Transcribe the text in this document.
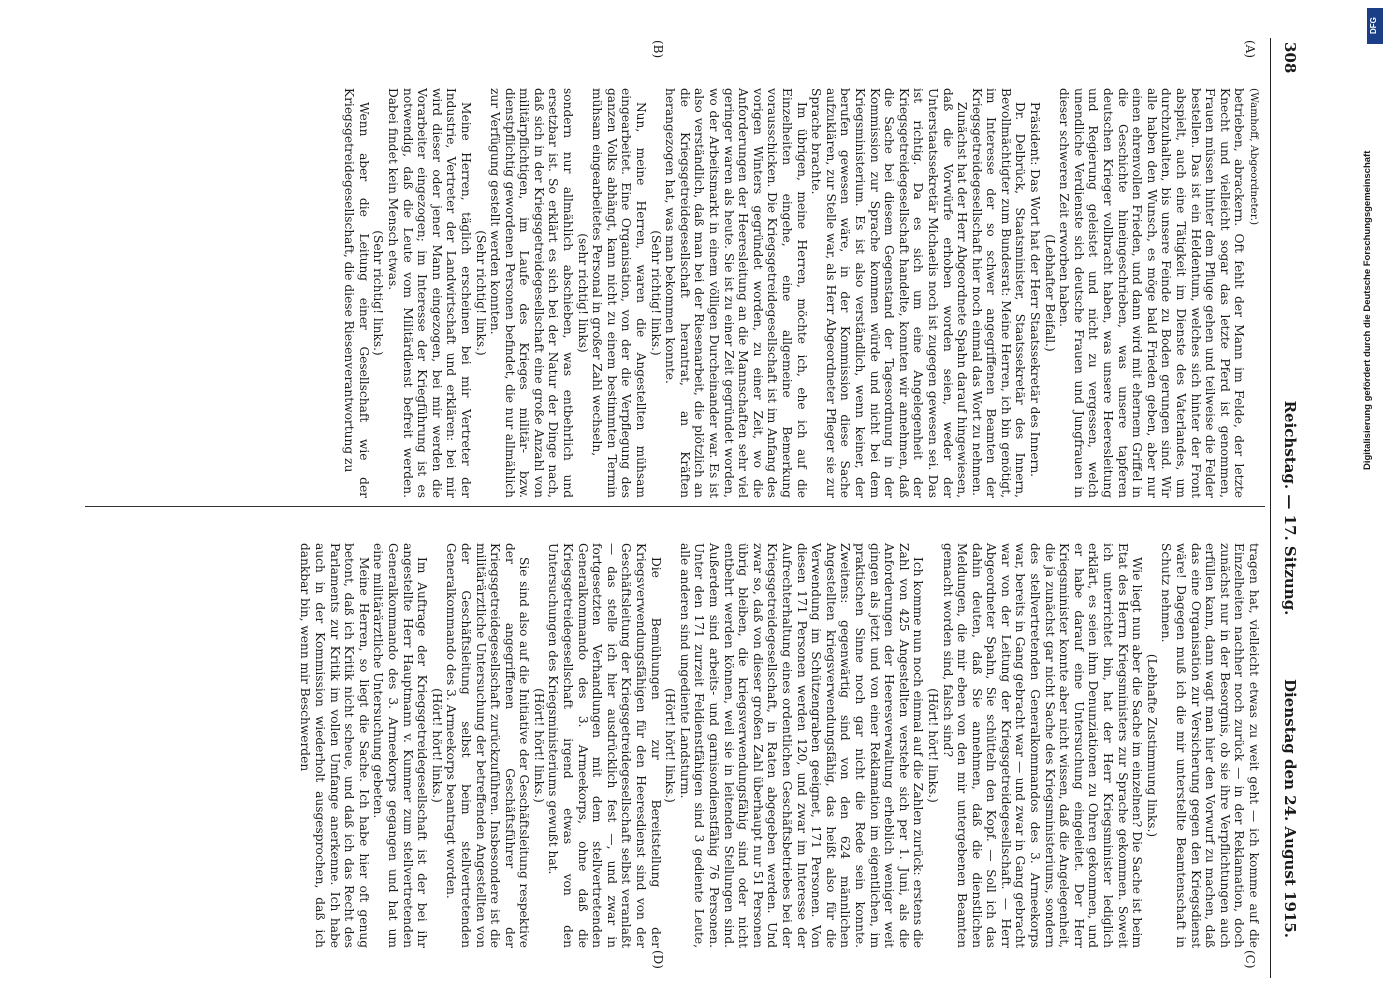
308
Reichstag. — 17. Sitzung.
Dienstag den 24. August 1915.
(A)
(B)
(C)
(D)

(Wamhoff, Abgeordneter.)

betrieben, abrackern. Oft fehlt der Mann im Felde, der letzte Knecht und vielleicht sogar das letzte Pferd ist genommen, Frauen müssen hinter dem Pfluge gehen und teilweise die Felder bestellen. Das ist ein Heldentum, welches sich hinter der Front abspielt, auch eine Tätigkeit im Dienste des Vaterlandes, um durchzuhalten, bis unsere Feinde zu Boden gerungen sind. Wir alle haben den Wunsch, es möge bald Frieden geben, aber nur einen ehrenvollen Frieden, und dann wird mit ehernem Griffel in die Geschichte hineingeschrieben, was unsere tapferen deutschen Krieger vollbracht haben, was unsere Heeresleitung und Regierung geleistet und nicht zu vergessen, welch unendliche Verdienste sich deutsche Frauen und Jungfrauen in dieser schweren Zeit erworben haben.

(Lebhafter Beifall.)

Präsident: Das Wort hat der Herr Staatssekretär des Innern.

Dr. Delbrück, Staatsminister, Staatssekretär des Innern, Bevollmächtigter zum Bundesrat: Meine Herren, ich bin genötigt, im Interesse der so schwer angegriffenen Beamten der Kriegsgetreidegesellschaft hier noch einmal das Wort zu nehmen.

Zunächst hat der Herr Abgeordnete Spahn darauf hingewiesen, daß die Vorwürfe erhoben worden seien, weder der Unterstaatssekretär Michaelis noch ist zugegen gewesen sei. Das ist richtig. Da es sich um eine Angelegenheit der Kriegsgetreidegesellschaft handelte, konnten wir annehmen, daß die Sache bei diesem Gegenstand der Tagesordnung in der Kommission zur Sprache kommen würde und nicht bei dem Kriegsministerium. Es ist also verständlich, wenn keiner, der berufen gewesen wäre, in der Kommission diese Sache aufzuklären, zur Stelle war, als Herr Abgeordneter Pfleger sie zur Sprache brachte.

Im übrigen, meine Herren, möchte ich, ehe ich auf die Einzelheiten eingehe, eine allgemeine Bemerkung vorausschicken. Die Kriegsgetreidegesellschaft ist im Anfang des vorigen Winters gegründet worden, zu einer Zeit, wo die Anforderungen der Heeresleitung an die Mannschaften sehr viel geringer waren als heute. Sie ist zu einer Zeit gegründet worden, wo der Arbeitsmarkt in einem völligen Durcheinander war. Es ist also verständlich, daß man bei der Riesenarbeit, die plötzlich an die Kriegsgetreidegesellschaft herantrat, an Kräften herangezogen hat, was man bekommen konnte.

(Sehr richtig! links.)

Nun, meine Herren, waren die Angestellten mühsam eingearbeitet. Eine Organisation, von der die Verpflegung des ganzen Volks abhängt, kann nicht zu einem bestimmten Termin mühsam eingearbeitetes Personal in großer Zahl wechseln,

(sehr richtig! links)

sondern nur allmählich abschieben, was entbehrlich und ersetzbar ist. So erklärt es sich bei der Natur der Dinge nach, daß sich in der Kriegsgetreidegesellschaft eine große Anzahl von militärpflichtigen, im Laufe des Krieges militär- bzw. dienstpflichtig gewordenen Personen befindet, die nur allmählich zur Verfügung gestellt werden konnten.

(Sehr richtig! links.)

Meine Herren, täglich erscheinen bei mir Vertreter der Industrie, Vertreter der Landwirtschaft und erklären: bei mir wird dieser oder jener Mann eingezogen, bei mir werden die Vorarbeiter eingezogen; im Interesse der Kriegführung ist es notwendig, daß die Leute vom Militärdienst befreit werden. Dabei findet kein Mensch etwas.

(Sehr richtig! links.)

Wenn aber die Leitung einer Gesellschaft wie der Kriegsgetreidegesellschaft, die diese Riesenverantwortung zu

tragen hat, vielleicht etwas zu weit geht — ich komme auf die Einzelheiten nachher noch zurück — in der Reklamation, doch zunächst nur in der Besorgnis, ob sie ihre Verpflichtungen auch erfüllen kann, dann wagt man hier den Vorwurf zu machen, daß das eine Organisation zur Versicherung gegen den Kriegsdienst wäre! Dagegen muß ich die mir unterstellte Beamtenschaft in Schutz nehmen.

(Lebhafte Zustimmung links.)

Wie liegt nun aber die Sache im einzelnen? Die Sache ist beim Etat des Herrn Kriegsministers zur Sprache gekommen. Soweit ich unterrichtet bin, hat der Herr Kriegsminister lediglich erklärt, es seien ihm Denunziationen zu Ohren gekommen, und er habe darauf eine Untersuchung eingeleitet. Der Herr Kriegsminister konnte aber nicht wissen, daß die Angelegenheit, die ja zunächst gar nicht Sache des Kriegsministeriums, sondern des stellvertretenden Generalkommandos des 3. Armeekorps war, bereits in Gang gebracht war — und zwar in Gang gebracht war von der Leitung der Kriegsgetreidegesellschaft. — Herr Abgeordneter Spahn, Sie schütteln den Kopf. — Soll ich das dahin deuten, daß Sie annehmen, daß die dienstlichen Meldungen, die mir eben von den mir untergebenen Beamten gemacht worden sind, falsch sind?

(Hört! hört! links.)

Ich komme nun noch einmal auf die Zahlen zurück: erstens die Zahl von 425 Angestellten verstehe sich per 1. Juni, als die Anforderungen der Heeresverwaltung erheblich weniger weit gingen als jetzt und von einer Reklamation im eigentlichen, im praktischen Sinne noch gar nicht die Rede sein konnte. Zweitens: gegenwärtig sind von den 624 männlichen Angestellten kriegsverwendungsfähig, das heißt also für die Verwendung im Schützengraben geeignet, 171 Personen. Von diesen 171 Personen werden 120, und zwar im Interesse der Aufrechterhaltung eines ordentlichen Geschäftsbetriebes bei der Kriegsgetreidegesellschaft, in Raten abgegeben werden. Und zwar so, daß von dieser großen Zahl überhaupt nur 51 Personen übrig bleiben, die kriegsverwendungsfähig sind oder nicht entbehrt werden können, weil sie in leitenden Stellungen sind. Außerdem sind arbeits- und garnisondienstfähig 76 Personen. Unter den 171 zurzeit Feldienstfähigen sind 3 gediente Leute, alle anderen sind ungediente Landsturm.

(Hört! hört! links.)

Die Bemühungen zur Bereitstellung der Kriegsverwendungsfähigen für den Heeresdienst sind von der Geschäftsleitung der Kriegsgetreidegesellschaft selbst veranlaßt — das stelle ich hier ausdrücklich fest —, und zwar in fortgesetzten Verhandlungen mit dem stellvertretenden Generalkommando des 3. Armeekorps, ohne daß die Kriegsgetreidegesellschaft irgend etwas von den Untersuchungen des Kriegsministeriums gewußt hat.

(Hört! hört! links.)

Sie sind also auf die Initiative der Geschäftsleitung respektive der angegriffenen Geschäftsführer der Kriegsgetreidegesellschaft zurückzuführen. Insbesondere ist die militärärztliche Untersuchung der betreffenden Angestellten von der Geschäftsleitung selbst beim stellvertretenden Generalkommando des 3. Armeekorps beantragt worden.

(Hört! hört! links.)

Im Auftrage der Kriegsgetreidegesellschaft ist der bei ihr angestellte Herr Hauptmann v. Kummer zum stellvertretenden Generalkommando des 3. Armeekorps gegangen und hat um eine militärärztliche Untersuchung gebeten.

Meine Herren, so liegt die Sache. Ich habe hier oft genug betont, daß ich Kritik nicht scheue, und daß ich das Recht des Parlaments zur Kritik im vollen Umfange anerkenne. Ich habe auch in der Kommission wiederholt ausgesprochen, daß ich dankbar bin, wenn mir Beschwerden

Digitalisierung gefördert durch die Deutsche Forschungsgemeinschaft
DFG
